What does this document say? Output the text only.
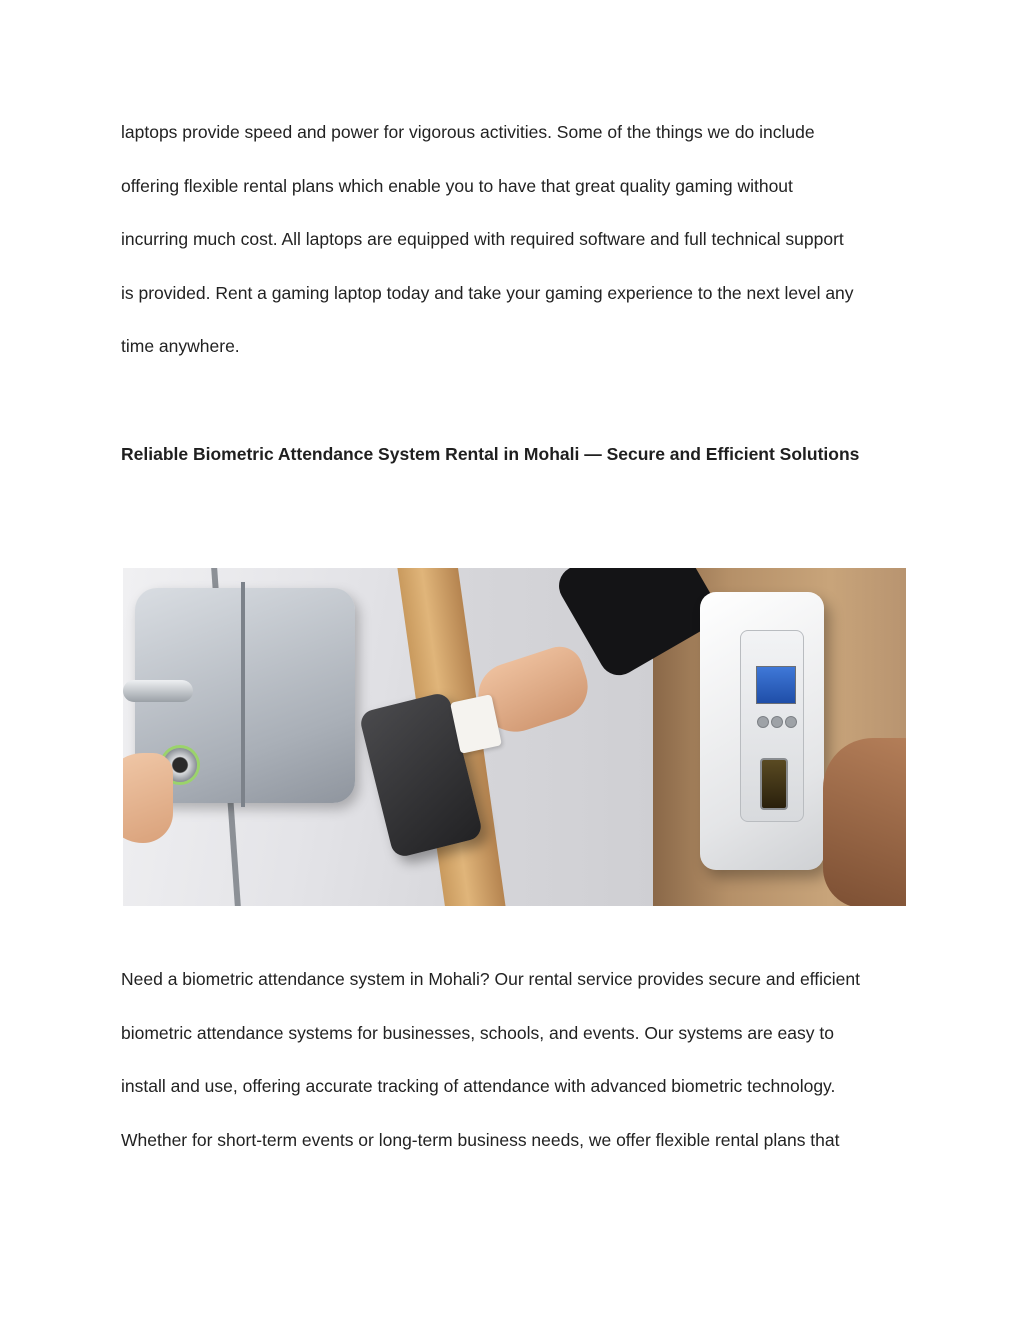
laptops provide speed and power for vigorous activities. Some of the things we do include
offering flexible rental plans which enable you to have that great quality gaming without
incurring much cost. All laptops are equipped with required software and full technical support
is provided. Rent a gaming laptop today and take your gaming experience to the next level any
time anywhere.

Reliable Biometric Attendance System Rental in Mohali — Secure and Efficient Solutions

Need a biometric attendance system in Mohali? Our rental service provides secure and efficient
biometric attendance systems for businesses, schools, and events. Our systems are easy to
install and use, offering accurate tracking of attendance with advanced biometric technology.
Whether for short-term events or long-term business needs, we offer flexible rental plans that
